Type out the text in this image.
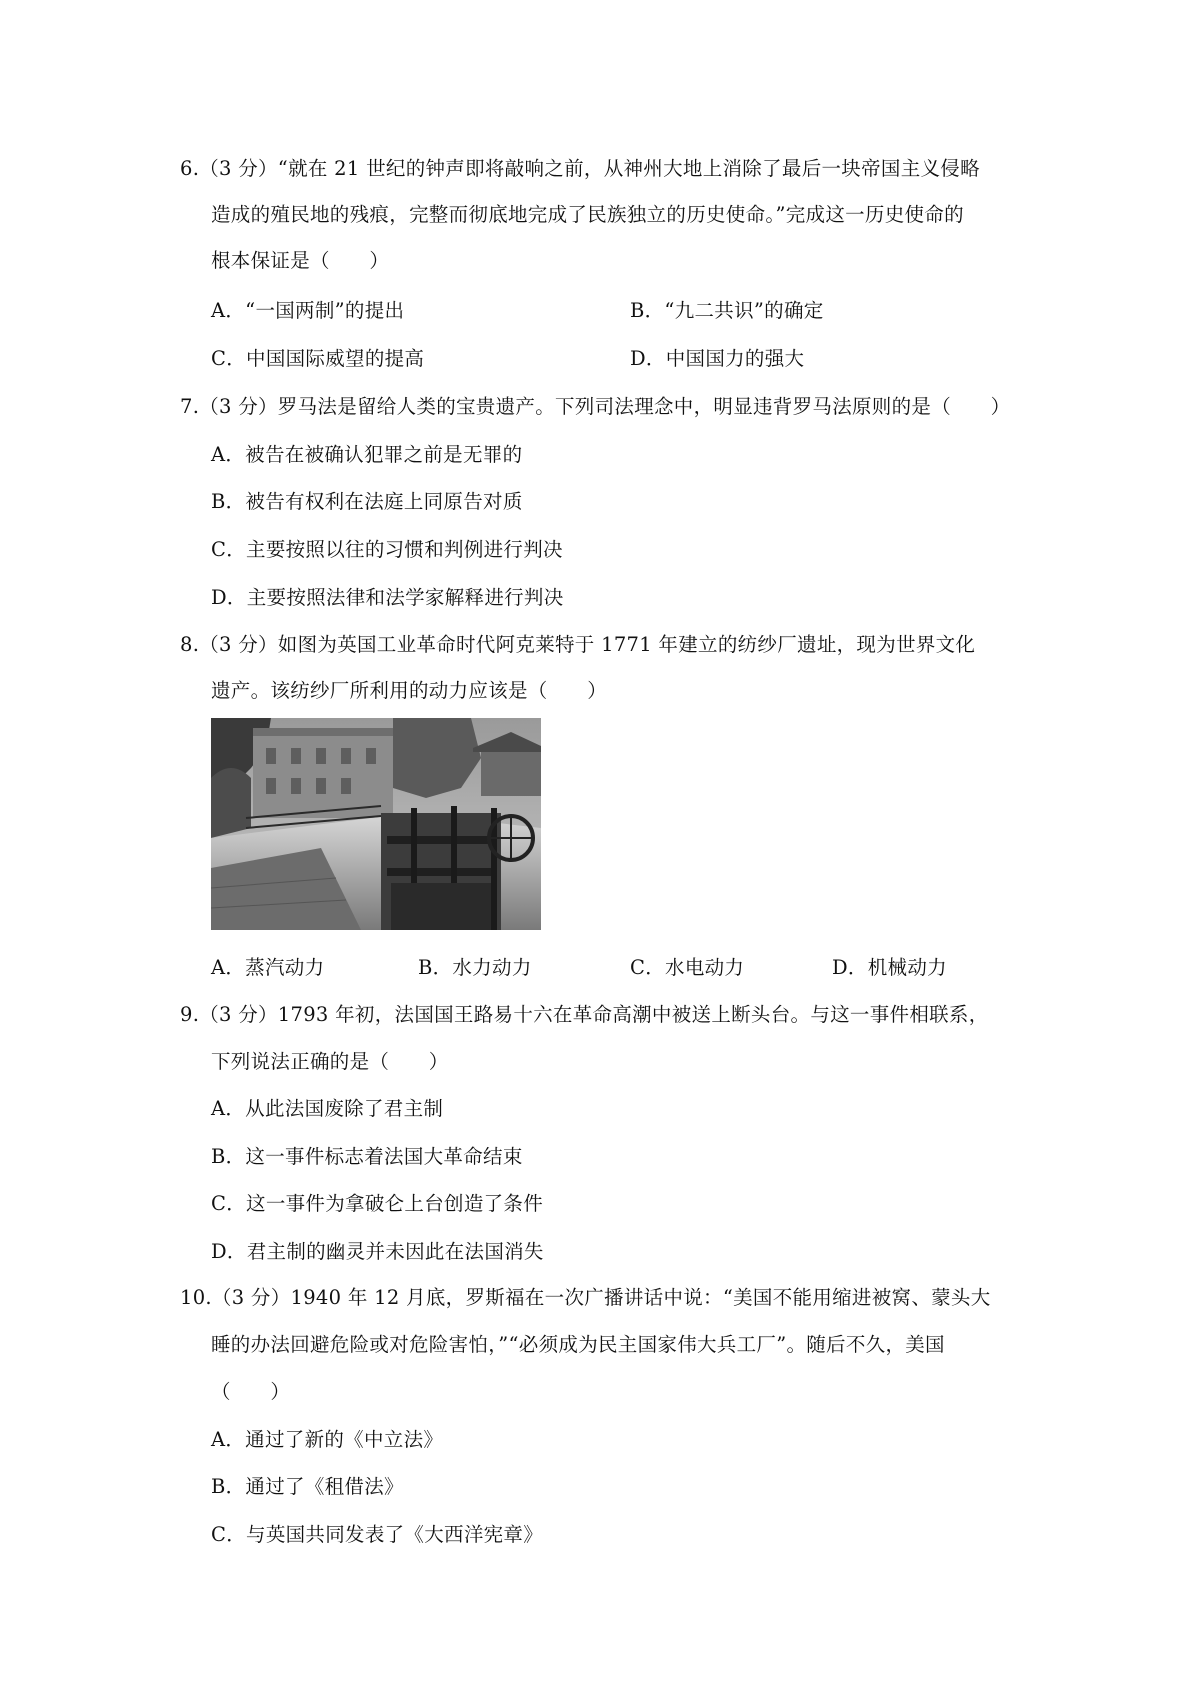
6.（3 分）“就在 21 世纪的钟声即将敲响之前，从神州大地上消除了最后一块帝国主义侵略
造成的殖民地的残痕，完整而彻底地完成了民族独立的历史使命。”完成这一历史使命的
根本保证是（　　）
A．“一国两制”的提出	B．“九二共识”的确定
C．中国国际威望的提高	D．中国国力的强大
7.（3 分）罗马法是留给人类的宝贵遗产。下列司法理念中，明显违背罗马法原则的是（　　）
A．被告在被确认犯罪之前是无罪的
B．被告有权利在法庭上同原告对质
C．主要按照以往的习惯和判例进行判决
D．主要按照法律和法学家解释进行判决
8.（3 分）如图为英国工业革命时代阿克莱特于 1771 年建立的纺纱厂遗址，现为世界文化
遗产。该纺纱厂所利用的动力应该是（　　）
A．蒸汽动力	B．水力动力	C．水电动力	D．机械动力
9.（3 分）1793 年初，法国国王路易十六在革命高潮中被送上断头台。与这一事件相联系，
下列说法正确的是（　　）
A．从此法国废除了君主制
B．这一事件标志着法国大革命结束
C．这一事件为拿破仑上台创造了条件
D．君主制的幽灵并未因此在法国消失
10.（3 分）1940 年 12 月底，罗斯福在一次广播讲话中说：“美国不能用缩进被窝、蒙头大
睡的办法回避危险或对危险害怕，”“必须成为民主国家伟大兵工厂”。随后不久，美国
（　　）
A．通过了新的《中立法》
B．通过了《租借法》
C．与英国共同发表了《大西洋宪章》
